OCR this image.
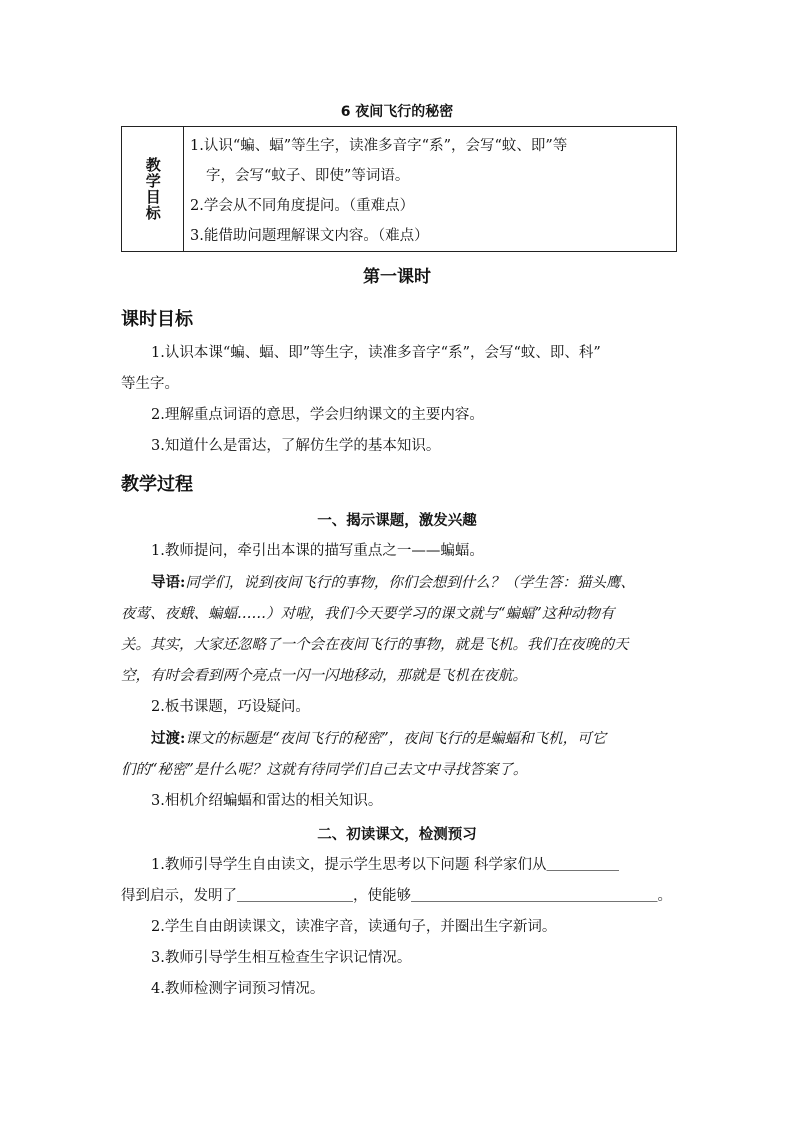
6 夜间飞行的秘密
教学目标
1.认识“蝙、蝠”等生字，读准多音字“系”，会写“蚊、即”等
字，会写“蚊子、即使”等词语。
2.学会从不同角度提问。（重难点）
3.能借助问题理解课文内容。（难点）
第一课时
课时目标
1.认识本课“蝙、蝠、即”等生字，读准多音字“系”，会写“蚊、即、科”
等生字。
2.理解重点词语的意思，学会归纳课文的主要内容。
3.知道什么是雷达，了解仿生学的基本知识。
教学过程
一、揭示课题，激发兴趣
1.教师提问，牵引出本课的描写重点之一——蝙蝠。
导语:同学们，说到夜间飞行的事物，你们会想到什么？（学生答：猫头鹰、
夜莺、夜蛾、蝙蝠……）对啦，我们今天要学习的课文就与“蝙蝠”这种动物有
关。其实，大家还忽略了一个会在夜间飞行的事物，就是飞机。我们在夜晚的天
空，有时会看到两个亮点一闪一闪地移动，那就是飞机在夜航。
2.板书课题，巧设疑问。
过渡:课文的标题是“夜间飞行的秘密”，夜间飞行的是蝙蝠和飞机，可它
们的“秘密”是什么呢？这就有待同学们自己去文中寻找答案了。
3.相机介绍蝙蝠和雷达的相关知识。
二、初读课文，检测预习
1.教师引导学生自由读文，提示学生思考以下问题 科学家们从＿＿＿＿＿
得到启示，发明了＿＿＿＿＿＿＿＿，使能够＿＿＿＿＿＿＿＿＿＿＿＿＿＿＿＿＿。
2.学生自由朗读课文，读准字音，读通句子，并圈出生字新词。
3.教师引导学生相互检查生字识记情况。
4.教师检测字词预习情况。
